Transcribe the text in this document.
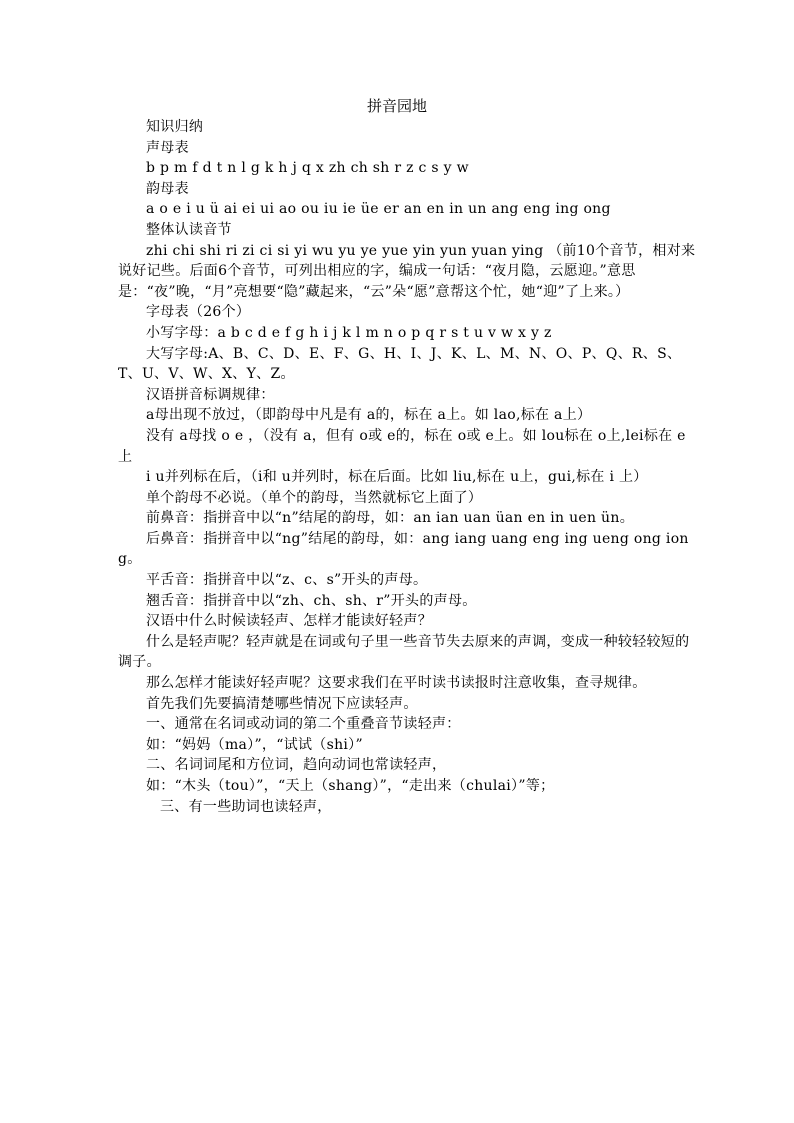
拼音园地

知识归纳

声母表

b p m f d t n l g k h j q x zh ch sh r z c s y w

韵母表

a o e i u ü ai ei ui ao ou iu ie üe er an en in un ang eng ing ong

整体认读音节

zhi chi shi ri zi ci si yi wu yu ye yue yin yun yuan ying （前10个音节，相对来说好记些。后面6个音节，可列出相应的字，编成一句话：“夜月隐，云愿迎。”意思是：“夜”晚，“月”亮想要“隐”藏起来，“云”朵“愿”意帮这个忙，她“迎”了上来。）

字母表（26个）

小写字母：a b c d e f g h i j k l m n o p q r s t u v w x y z

大写字母:A、B、C、D、E、F、G、H、I、J、K、L、M、N、O、P、Q、R、S、T、U、V、W、X、Y、Z。

汉语拼音标调规律：

a母出现不放过，（即韵母中凡是有 a的，标在 a上。如 lao,标在 a上）

没有 a母找 o e ，（没有 a，但有 o或 e的，标在 o或 e上。如 lou标在 o上,lei标在 e上

i u并列标在后，（i和 u并列时，标在后面。比如 liu,标在 u上，gui,标在 i 上）

单个韵母不必说。（单个的韵母，当然就标它上面了）

前鼻音：指拼音中以“n”结尾的韵母，如：an ian uan üan en in uen ün。

后鼻音：指拼音中以“ng”结尾的韵母，如：ang iang uang eng ing ueng ong iong。

平舌音：指拼音中以“z、c、s”开头的声母。

翘舌音：指拼音中以“zh、ch、sh、r”开头的声母。

汉语中什么时候读轻声、怎样才能读好轻声？

什么是轻声呢？轻声就是在词或句子里一些音节失去原来的声调，变成一种较轻较短的调子。

那么怎样才能读好轻声呢？这要求我们在平时读书读报时注意收集，查寻规律。

首先我们先要搞清楚哪些情况下应读轻声。

一、通常在名词或动词的第二个重叠音节读轻声：

如：“妈妈（ma）”，“试试（shi）”

二、名词词尾和方位词，趋向动词也常读轻声，

如：“木头（tou）”，“天上（shang）”，“走出来（chulai）”等；

三、有一些助词也读轻声，
